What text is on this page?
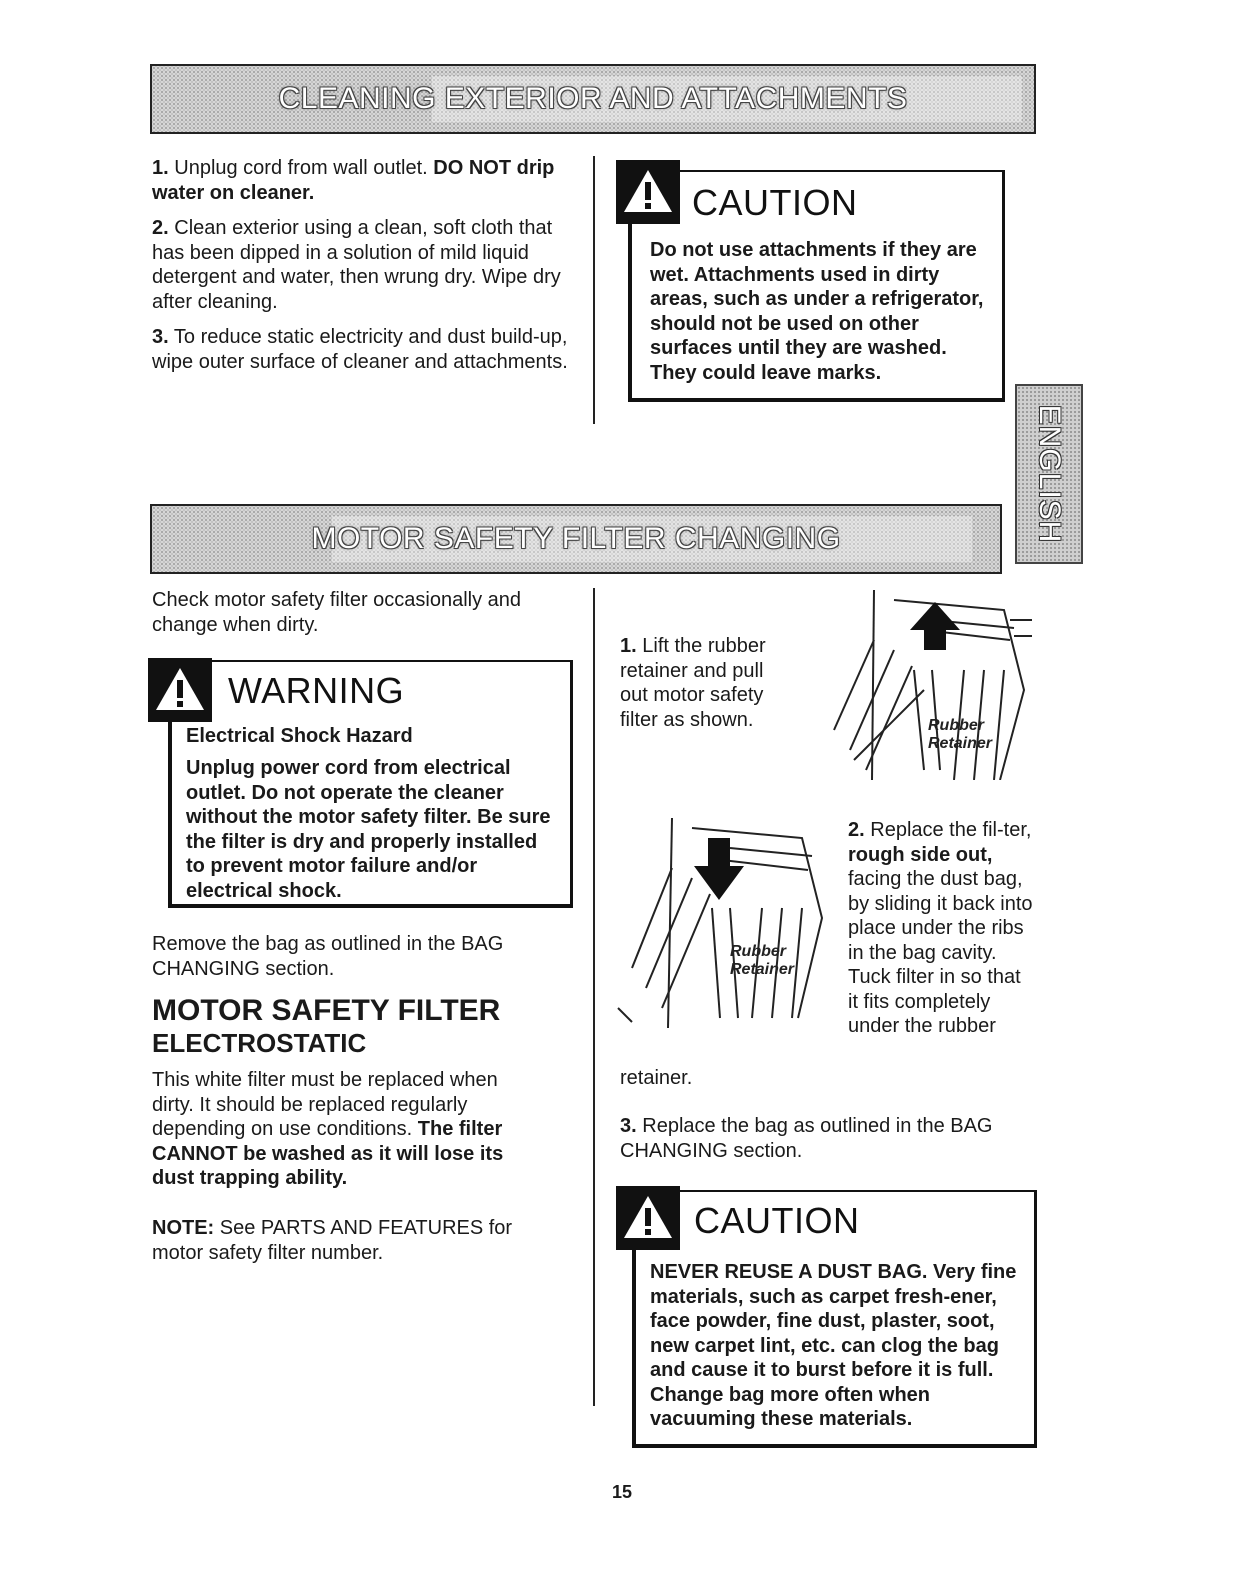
CLEANING EXTERIOR AND ATTACHMENTS

1. Unplug cord from wall outlet. DO NOT drip water on cleaner.

2. Clean exterior using a clean, soft cloth that has been dipped in a solution of mild liquid detergent and water, then wrung dry. Wipe dry after cleaning.

3. To reduce static electricity and dust build-up, wipe outer surface of cleaner and attachments.

CAUTION
Do not use attachments if they are wet. Attachments used in dirty areas, such as under a refrigerator, should not be used on other surfaces until they are washed. They could leave marks.
ENGLISH
MOTOR SAFETY FILTER CHANGING
Check motor safety filter occasionally and change when dirty.
WARNING
Electrical Shock Hazard
Unplug power cord from electrical outlet. Do not operate the cleaner without the motor safety filter. Be sure the filter is dry and properly installed to prevent motor failure and/or electrical shock.
Remove the bag as outlined in the BAG CHANGING section.
MOTOR SAFETY FILTER
ELECTROSTATIC
This white filter must be replaced when dirty. It should be replaced regularly depending on use conditions. The filter CANNOT be washed as it will lose its dust trapping ability.
NOTE: See PARTS AND FEATURES for motor safety filter number.
1. Lift the rubber retainer and pull out motor safety filter as shown.	Rubber
Retainer
Rubber
Retainer
2. Replace the fil-ter, rough side out, facing the dust bag, by sliding it back into place under the ribs in the bag cavity. Tuck filter in so that it fits completely under the rubber
retainer.
3. Replace the bag as outlined in the BAG CHANGING section.
CAUTION
NEVER REUSE A DUST BAG. Very fine materials, such as carpet fresh-ener, face powder, fine dust, plaster, soot, new carpet lint, etc. can clog the bag and cause it to burst before it is full. Change bag more often when vacuuming these materials.
15
